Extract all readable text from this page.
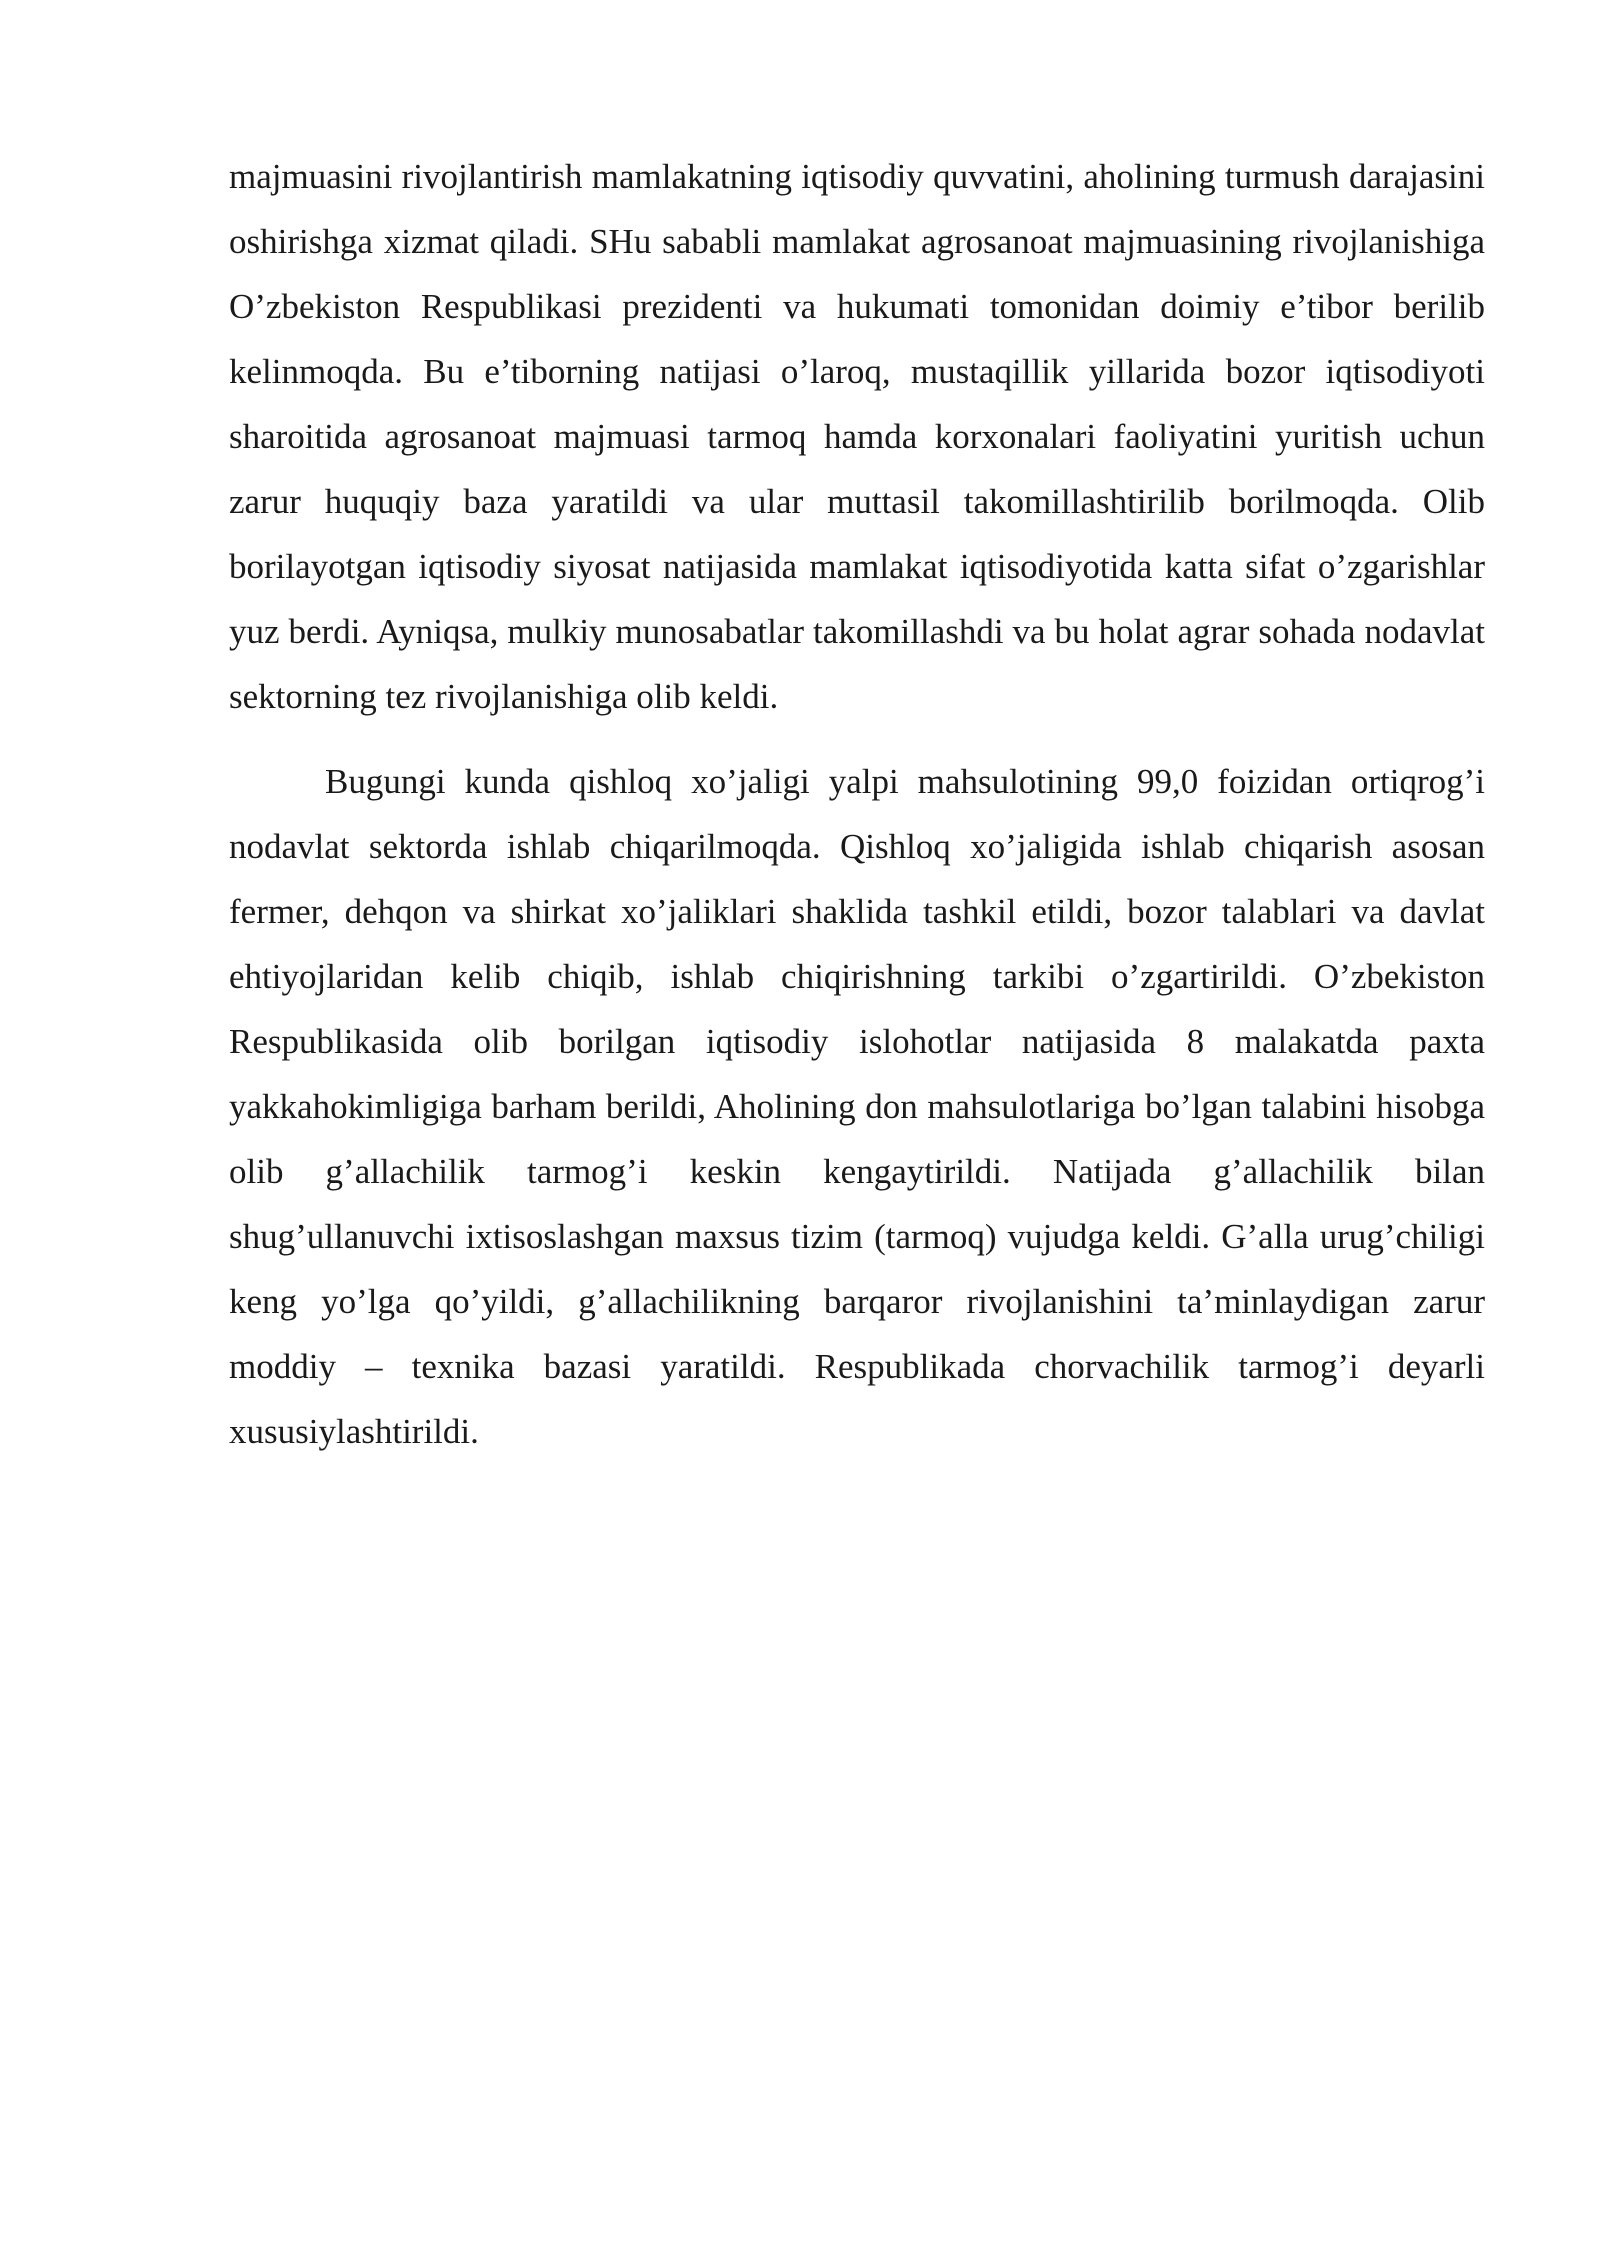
majmuasini rivojlantirish mamlakatning iqtisodiy quvvatini, aholining turmush darajasini oshirishga xizmat qiladi. SHu sababli mamlakat agrosanoat majmuasining rivojlanishiga O’zbekiston Respublikasi prezidenti va hukumati tomonidan doimiy e’tibor berilib kelinmoqda. Bu e’tiborning natijasi o’laroq, mustaqillik yillarida bozor iqtisodiyoti sharoitida agrosanoat majmuasi tarmoq hamda korxonalari faoliyatini yuritish uchun zarur huquqiy baza yaratildi va ular muttasil takomillashtirilib borilmoqda. Olib borilayotgan iqtisodiy siyosat natijasida mamlakat iqtisodiyotida katta sifat o’zgarishlar yuz berdi. Ayniqsa, mulkiy munosabatlar takomillashdi va bu holat agrar sohada nodavlat sektorning tez rivojlanishiga olib keldi.

Bugungi kunda qishloq xo’jaligi yalpi mahsulotining 99,0 foizidan ortiqrog’i nodavlat sektorda ishlab chiqarilmoqda. Qishloq xo’jaligida ishlab chiqarish asosan fermer, dehqon va shirkat xo’jaliklari shaklida tashkil etildi, bozor talablari va davlat ehtiyojlaridan kelib chiqib, ishlab chiqirishning tarkibi o’zgartirildi. O’zbekiston Respublikasida olib borilgan iqtisodiy islohotlar natijasida 8 malakatda paxta yakkahokimligiga barham berildi, Aholining don mahsulotlariga bo’lgan talabini hisobga olib g’allachilik tarmog’i keskin kengaytirildi. Natijada g’allachilik bilan shug’ullanuvchi ixtisoslashgan maxsus tizim (tarmoq) vujudga keldi. G’alla urug’chiligi keng yo’lga qo’yildi, g’allachilikning barqaror rivojlanishini ta’minlaydigan zarur moddiy – texnika bazasi yaratildi. Respublikada chorvachilik tarmog’i deyarli xususiylashtirildi.
